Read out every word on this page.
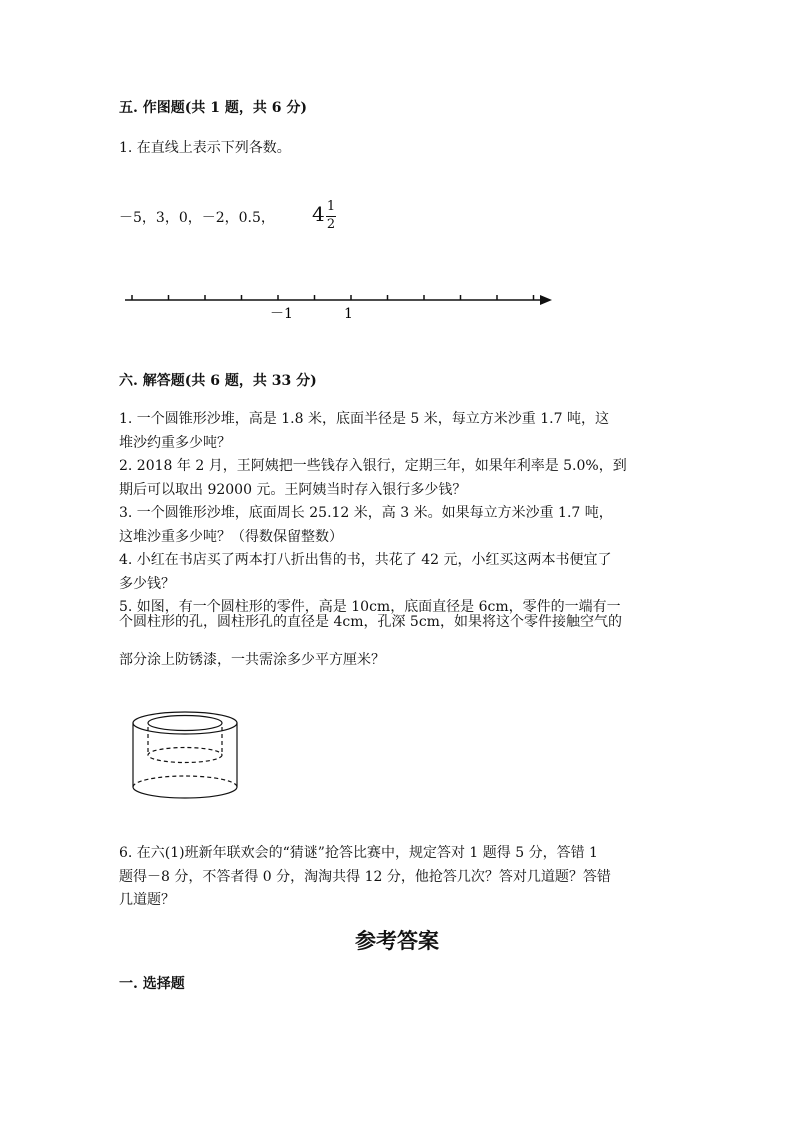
五. 作图题(共 1 题，共 6 分)
1. 在直线上表示下列各数。
－5，3，0，－2，0.5， 4 1
2
－1	1
六. 解答题(共 6 题，共 33 分)
1. 一个圆锥形沙堆，高是 1.8 米，底面半径是 5 米，每立方米沙重 1.7 吨，这
堆沙约重多少吨？
2. 2018 年 2 月，王阿姨把一些钱存入银行，定期三年，如果年利率是 5.0%，到
期后可以取出 92000 元。王阿姨当时存入银行多少钱？
3. 一个圆锥形沙堆，底面周长 25.12 米，高 3 米。如果每立方米沙重 1.7 吨，
这堆沙重多少吨？（得数保留整数）
4. 小红在书店买了两本打八折出售的书，共花了 42 元，小红买这两本书便宜了
多少钱？
5. 如图，有一个圆柱形的零件，高是 10cm，底面直径是 6cm，零件的一端有一
个圆柱形的孔，圆柱形孔的直径是 4cm，孔深 5cm，如果将这个零件接触空气的
部分涂上防锈漆，一共需涂多少平方厘米？
6. 在六(1)班新年联欢会的“猜谜”抢答比赛中，规定答对 1 题得 5 分，答错 1
题得－8 分，不答者得 0 分，淘淘共得 12 分，他抢答几次？答对几道题？答错
几道题？
参考答案
一. 选择题
